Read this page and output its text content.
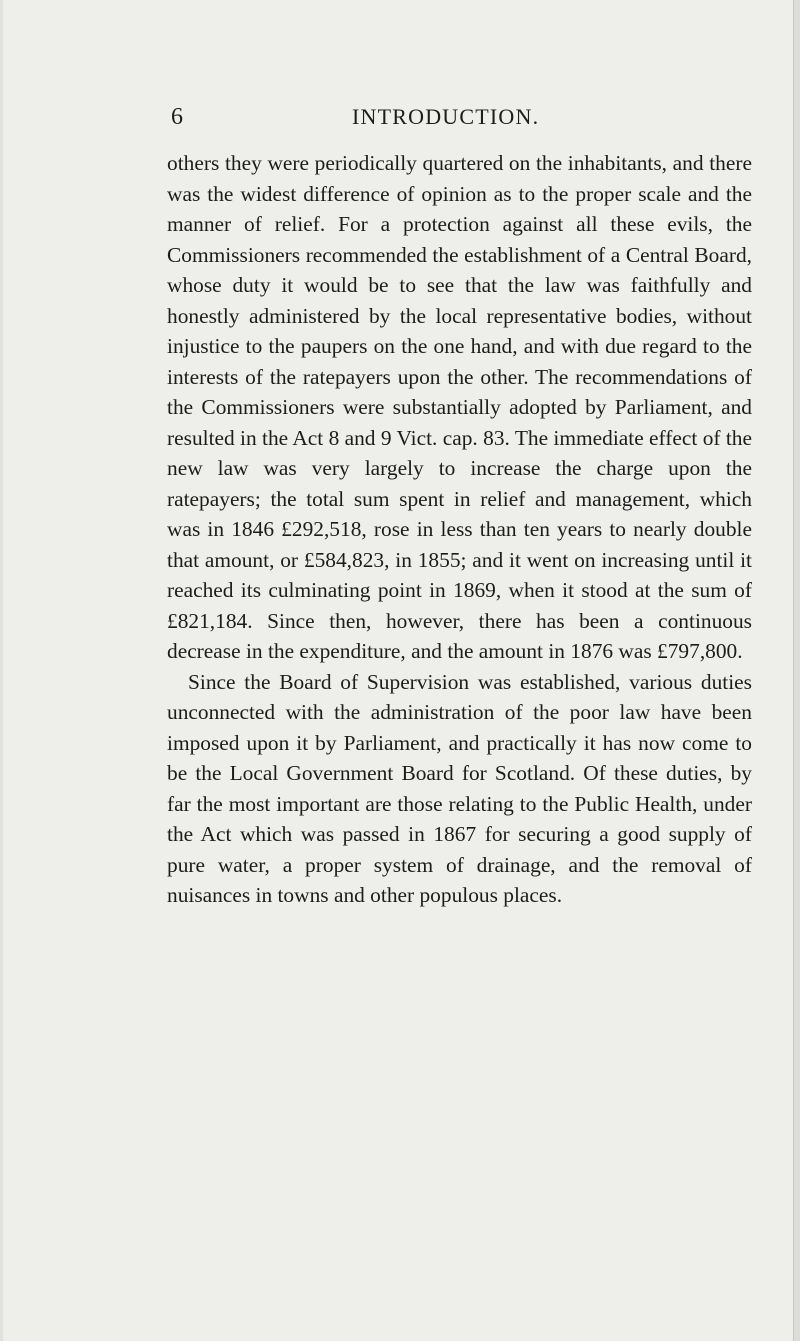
6	INTRODUCTION.

others they were periodically quartered on the inhabitants, and there was the widest difference of opinion as to the proper scale and the manner of relief. For a protection against all these evils, the Commissioners recommended the establishment of a Central Board, whose duty it would be to see that the law was faithfully and honestly administered by the local representative bodies, without injustice to the paupers on the one hand, and with due regard to the interests of the ratepayers upon the other. The recommendations of the Commissioners were substantially adopted by Parliament, and resulted in the Act 8 and 9 Vict. cap. 83. The immediate effect of the new law was very largely to increase the charge upon the ratepayers; the total sum spent in relief and management, which was in 1846 £292,518, rose in less than ten years to nearly double that amount, or £584,823, in 1855; and it went on increasing until it reached its culminating point in 1869, when it stood at the sum of £821,184. Since then, however, there has been a continuous decrease in the expenditure, and the amount in 1876 was £797,800.

Since the Board of Supervision was established, various duties unconnected with the administration of the poor law have been imposed upon it by Parliament, and practically it has now come to be the Local Government Board for Scotland. Of these duties, by far the most important are those relating to the Public Health, under the Act which was passed in 1867 for securing a good supply of pure water, a proper system of drainage, and the removal of nuisances in towns and other populous places.
